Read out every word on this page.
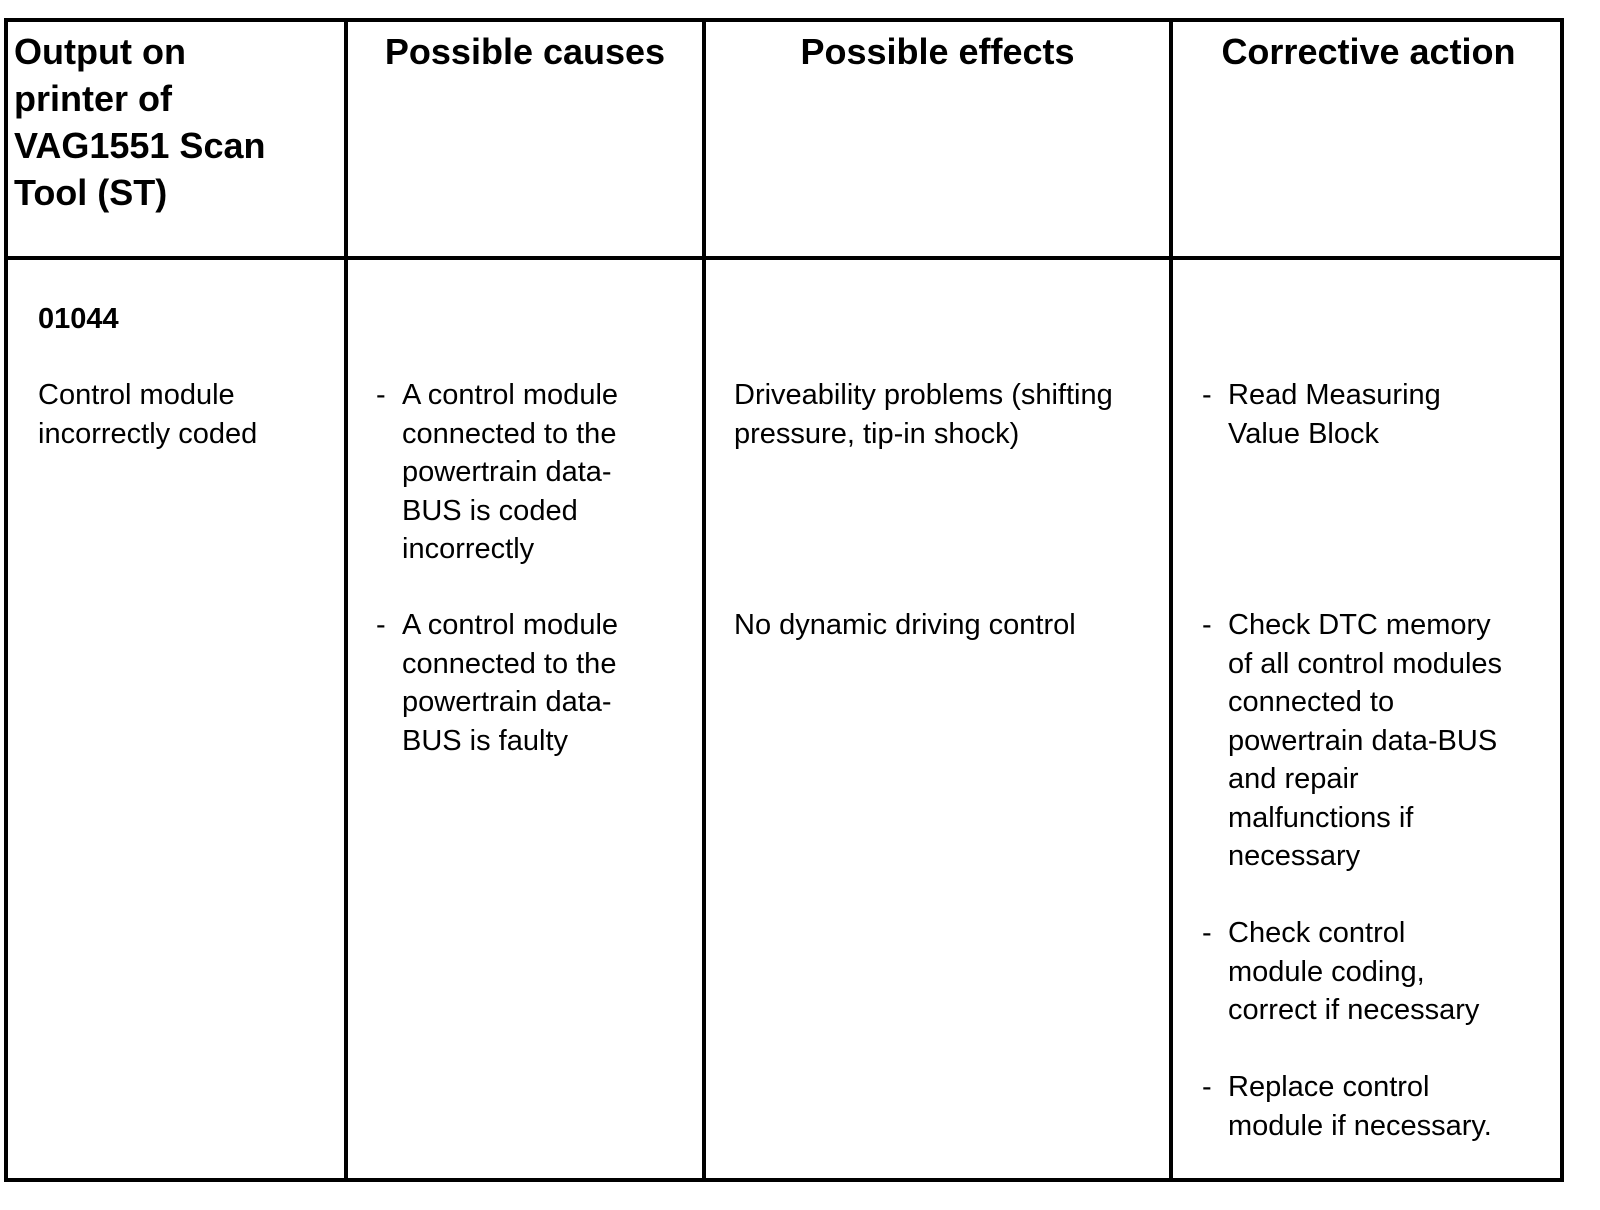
Output on
printer of
VAG1551 Scan
Tool (ST)
Possible causes	Possible effects	Corrective action
01044
Control module
incorrectly coded
- A control module
connected to the
powertrain data-
BUS is coded
incorrectly
- A control module
connected to the
powertrain data-
BUS is faulty
Driveability problems (shifting
pressure, tip-in shock)
No dynamic driving control
- Read Measuring
Value Block
- Check DTC memory
of all control modules
connected to
powertrain data-BUS
and repair
malfunctions if
necessary
- Check control
module coding,
correct if necessary
- Replace control
module if necessary.
